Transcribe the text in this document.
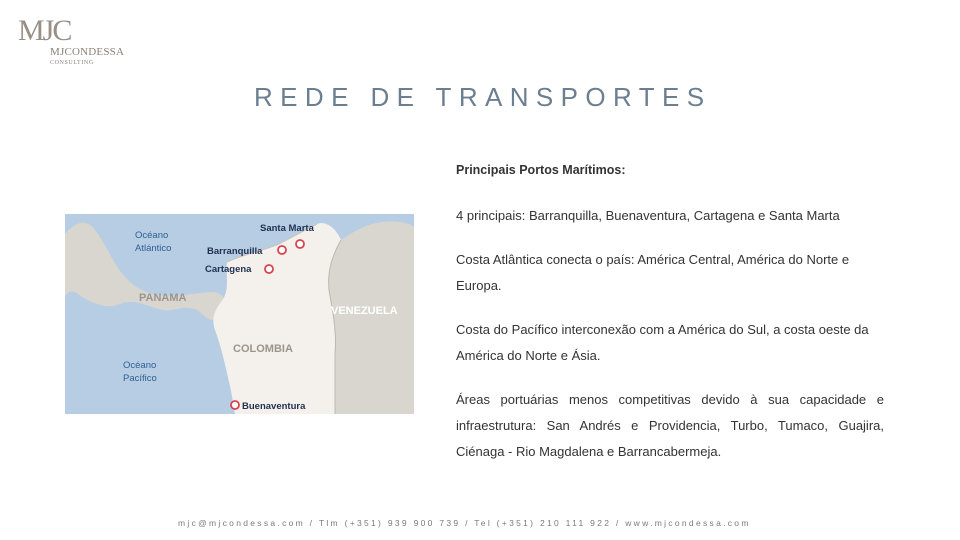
MJC
MJCONDESSA
CONSULTING
REDE DE TRANSPORTES
Océano
Atlántico
Océano
Pacífico
PANAMA
VENEZUELA
COLOMBIA
Santa Marta
Barranquilla
Cartagena
Buenaventura

Principais Portos Marítimos:

4 principais: Barranquilla, Buenaventura, Cartagena e Santa Marta

Costa Atlântica conecta o país: América Central, América do Norte e Europa.

Costa do Pacífico interconexão com a América do Sul, a costa oeste da América do Norte e Ásia.

Áreas portuárias menos competitivas devido à sua capacidade e infraestrutura: San Andrés e Providencia, Turbo, Tumaco, Guajira, Ciénaga - Rio Magdalena e Barrancabermeja.

mjc@mjcondessa.com / Tlm (+351) 939 900 739 / Tel (+351) 210 111 922 / www.mjcondessa.com
